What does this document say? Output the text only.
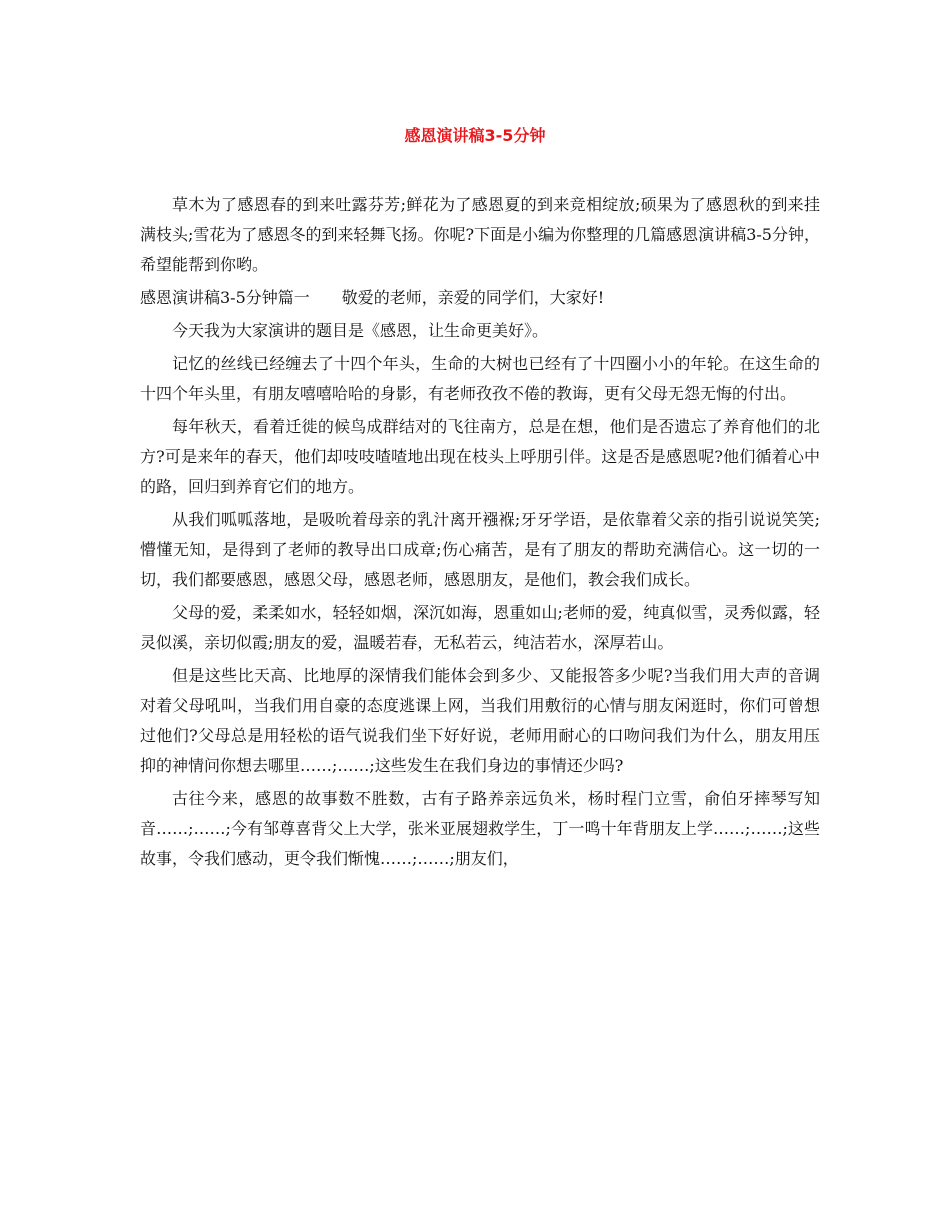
感恩演讲稿3-5分钟

草木为了感恩春的到来吐露芬芳;鲜花为了感恩夏的到来竞相绽放;硕果为了感恩秋的到来挂满枝头;雪花为了感恩冬的到来轻舞飞扬。你呢?下面是小编为你整理的几篇感恩演讲稿3-5分钟，希望能帮到你哟。

感恩演讲稿3-5分钟篇一 敬爱的老师，亲爱的同学们，大家好!

今天我为大家演讲的题目是《感恩，让生命更美好》。

记忆的丝线已经缠去了十四个年头，生命的大树也已经有了十四圈小小的年轮。在这生命的十四个年头里，有朋友嘻嘻哈哈的身影，有老师孜孜不倦的教诲，更有父母无怨无悔的付出。

每年秋天，看着迁徙的候鸟成群结对的飞往南方，总是在想，他们是否遗忘了养育他们的北方?可是来年的春天，他们却吱吱喳喳地出现在枝头上呼朋引伴。这是否是感恩呢?他们循着心中的路，回归到养育它们的地方。

从我们呱呱落地，是吸吮着母亲的乳汁离开襁褓;牙牙学语，是依靠着父亲的指引说说笑笑;懵懂无知，是得到了老师的教导出口成章;伤心痛苦，是有了朋友的帮助充满信心。这一切的一切，我们都要感恩，感恩父母，感恩老师，感恩朋友，是他们，教会我们成长。

父母的爱，柔柔如水，轻轻如烟，深沉如海，恩重如山;老师的爱，纯真似雪，灵秀似露，轻灵似溪，亲切似霞;朋友的爱，温暖若春，无私若云，纯洁若水，深厚若山。

但是这些比天高、比地厚的深情我们能体会到多少、又能报答多少呢?当我们用大声的音调对着父母吼叫，当我们用自豪的态度逃课上网，当我们用敷衍的心情与朋友闲逛时，你们可曾想过他们?父母总是用轻松的语气说我们坐下好好说，老师用耐心的口吻问我们为什么，朋友用压抑的神情问你想去哪里……;……;这些发生在我们身边的事情还少吗?

古往今来，感恩的故事数不胜数，古有子路养亲远负米，杨时程门立雪，俞伯牙摔琴写知音……;……;今有邹尊喜背父上大学，张米亚展翅救学生，丁一鸣十年背朋友上学……;……;这些故事，令我们感动，更令我们惭愧……;……;朋友们，
